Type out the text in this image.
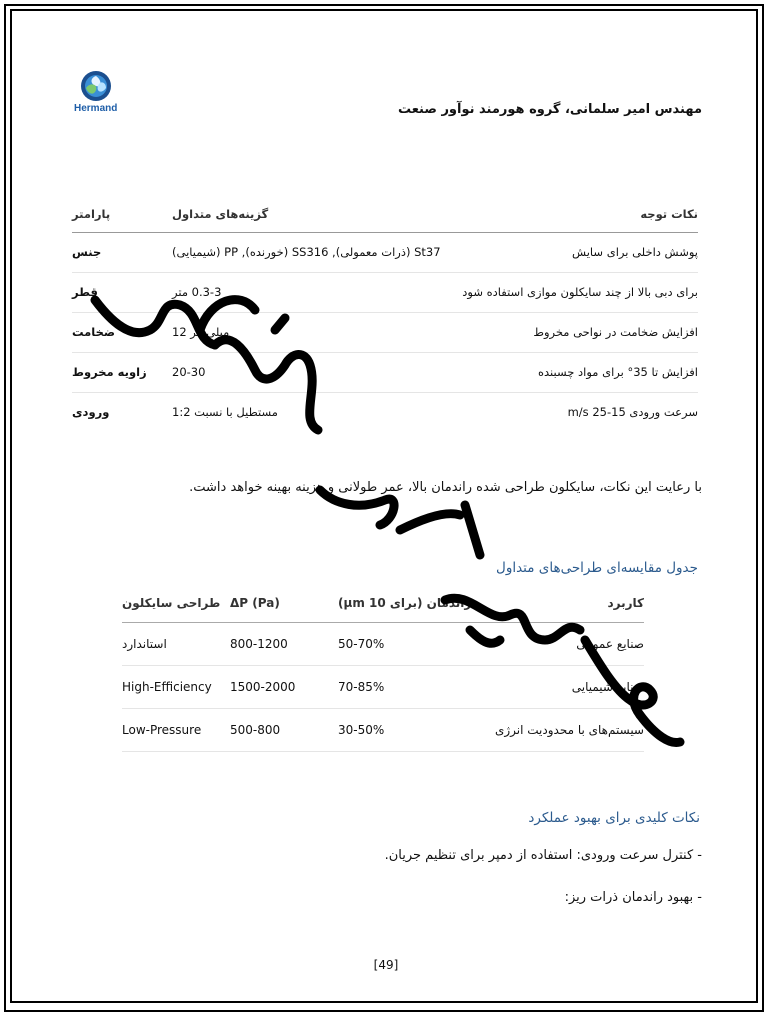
Hermand	مهندس امیر سلمانی، گروه هورمند نوآور صنعت
پارامتر	گزینه‌های متداول	نکات توجه
جنس	St37 (ذرات معمولی), SS316 (خورنده), PP (شیمیایی)	پوشش داخلی برای سایش
قطر	0.3-3 متر	برای دبی بالا از چند سایکلون موازی استفاده شود
ضخامت	میلی‌متر 12	افزایش ضخامت در نواحی مخروط
زاویه مخروط 20-30	افزایش تا 35° برای مواد چسبنده
ورودی	مستطیل با نسبت 1:2	سرعت ورودی 15-25 m/s
با رعایت این نکات، سایکلون طراحی شده راندمان بالا، عمر طولانی و هزینه بهینه خواهد داشت.
جدول مقایسه‌ای طراحی‌های متداول
طراحی سایکلون ΔP (Pa)	راندمان (برای 10 μm)	کاربرد
استاندارد	800-1200	50-70%	صنایع عمومی
High-Efficiency 1500-2000	70-85%	صنایع شیمیایی
Low-Pressure 500-800	30-50%	سیستم‌های با محدودیت انرژی
نکات کلیدی برای بهبود عملکرد
- کنترل سرعت ورودی: استفاده از دمپر برای تنظیم جریان.
- بهبود راندمان ذرات ریز:
[49]
